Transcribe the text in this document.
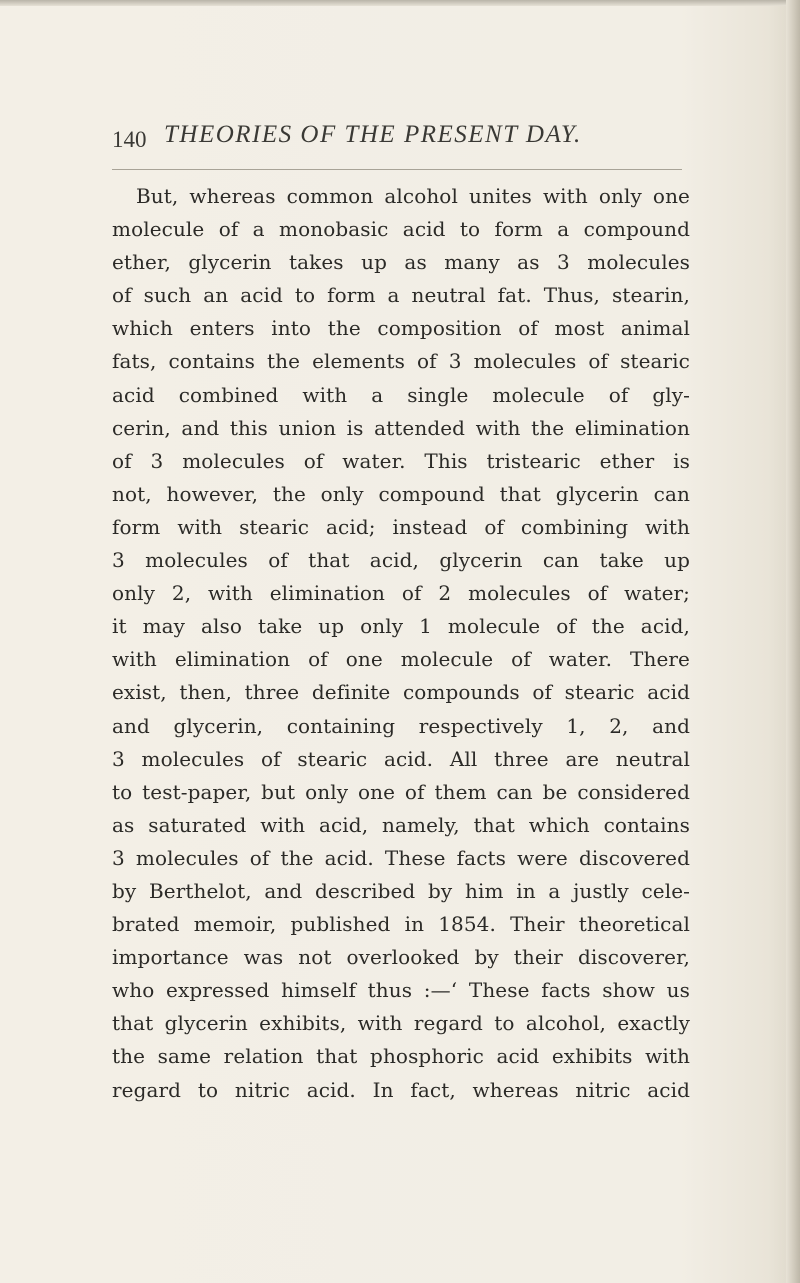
140 THEORIES OF THE PRESENT DAY.
But, whereas common alcohol unites with only one
molecule of a monobasic acid to form a compound
ether, glycerin takes up as many as 3 molecules
of such an acid to form a neutral fat. Thus, stearin,
which enters into the composition of most animal
fats, contains the elements of 3 molecules of stearic
acid combined with a single molecule of gly-
cerin, and this union is attended with the elimination
of 3 molecules of water. This tristearic ether is
not, however, the only compound that glycerin can
form with stearic acid; instead of combining with
3 molecules of that acid, glycerin can take up
only 2, with elimination of 2 molecules of water;
it may also take up only 1 molecule of the acid,
with elimination of one molecule of water. There
exist, then, three definite compounds of stearic acid
and glycerin, containing respectively 1, 2, and
3 molecules of stearic acid. All three are neutral
to test-paper, but only one of them can be considered
as saturated with acid, namely, that which contains
3 molecules of the acid. These facts were discovered
by Berthelot, and described by him in a justly cele-
brated memoir, published in 1854. Their theoretical
importance was not overlooked by their discoverer,
who expressed himself thus :—‘ These facts show us
that glycerin exhibits, with regard to alcohol, exactly
the same relation that phosphoric acid exhibits with
regard to nitric acid. In fact, whereas nitric acid
